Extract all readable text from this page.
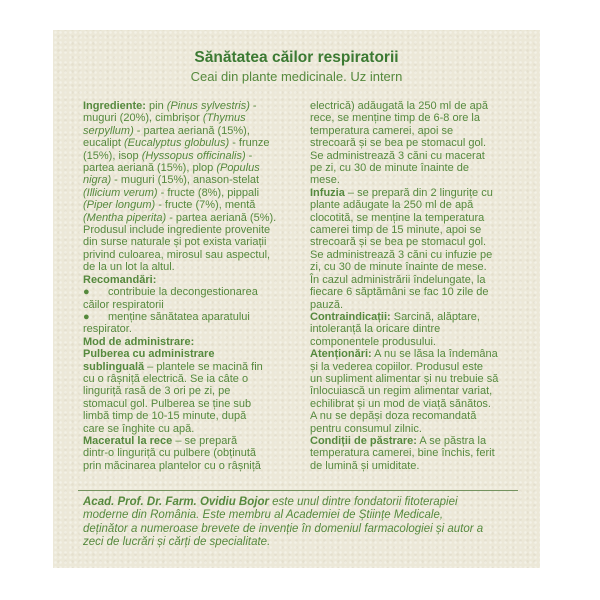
Sănătatea căilor respiratorii
Ceai din plante medicinale. Uz intern
Ingrediente: pin (Pinus sylvestris) -
muguri (20%), cimbrișor (Thymus
serpyllum) - partea aeriană (15%),
eucalipt (Eucalyptus globulus) - frunze
(15%), isop (Hyssopus officinalis) -
partea aeriană (15%), plop (Populus
nigra) - muguri (15%), anason-stelat
(Illicium verum) - fructe (8%), pippali
(Piper longum) - fructe (7%), mentă
(Mentha piperita) - partea aeriană (5%).
Produsul include ingrediente provenite
din surse naturale și pot exista variații
privind culoarea, mirosul sau aspectul,
de la un lot la altul.
Recomandări:
●      contribuie la decongestionarea
căilor respiratorii
●      menține sănătatea aparatului
respirator.
Mod de administrare:
Pulberea cu administrare
sublinguală – plantele se macină fin
cu o râșniță electrică. Se ia câte o
linguriță rasă de 3 ori pe zi, pe
stomacul gol. Pulberea se ține sub
limbă timp de 10-15 minute, după
care se înghite cu apă.
Maceratul la rece – se prepară
dintr-o linguriță cu pulbere (obținută
prin măcinarea plantelor cu o râșniță
electrică) adăugată la 250 ml de apă
rece, se menține timp de 6-8 ore la
temperatura camerei, apoi se
strecoară și se bea pe stomacul gol.
Se administrează 3 căni cu macerat
pe zi, cu 30 de minute înainte de
mese.
Infuzia – se prepară din 2 lingurițe cu
plante adăugate la 250 ml de apă
clocotită, se menține la temperatura
camerei timp de 15 minute, apoi se
strecoară și se bea pe stomacul gol.
Se administrează 3 căni cu infuzie pe
zi, cu 30 de minute înainte de mese.
În cazul administrării îndelungate, la
fiecare 6 săptămâni se fac 10 zile de
pauză.
Contraindicații: Sarcină, alăptare,
intoleranță la oricare dintre
componentele produsului.
Atenționări: A nu se lăsa la îndemâna
și la vederea copiilor. Produsul este
un supliment alimentar și nu trebuie să
înlocuiască un regim alimentar variat,
echilibrat și un mod de viață sănătos.
A nu se depăși doza recomandată
pentru consumul zilnic.
Condiții de păstrare: A se păstra la
temperatura camerei, bine închis, ferit
de lumină și umiditate.
Acad. Prof. Dr. Farm. Ovidiu Bojor este unul dintre fondatorii fitoterapiei
moderne din România. Este membru al Academiei de Științe Medicale,
deținător a numeroase brevete de invenție în domeniul farmacologiei și autor a
zeci de lucrări și cărți de specialitate.
